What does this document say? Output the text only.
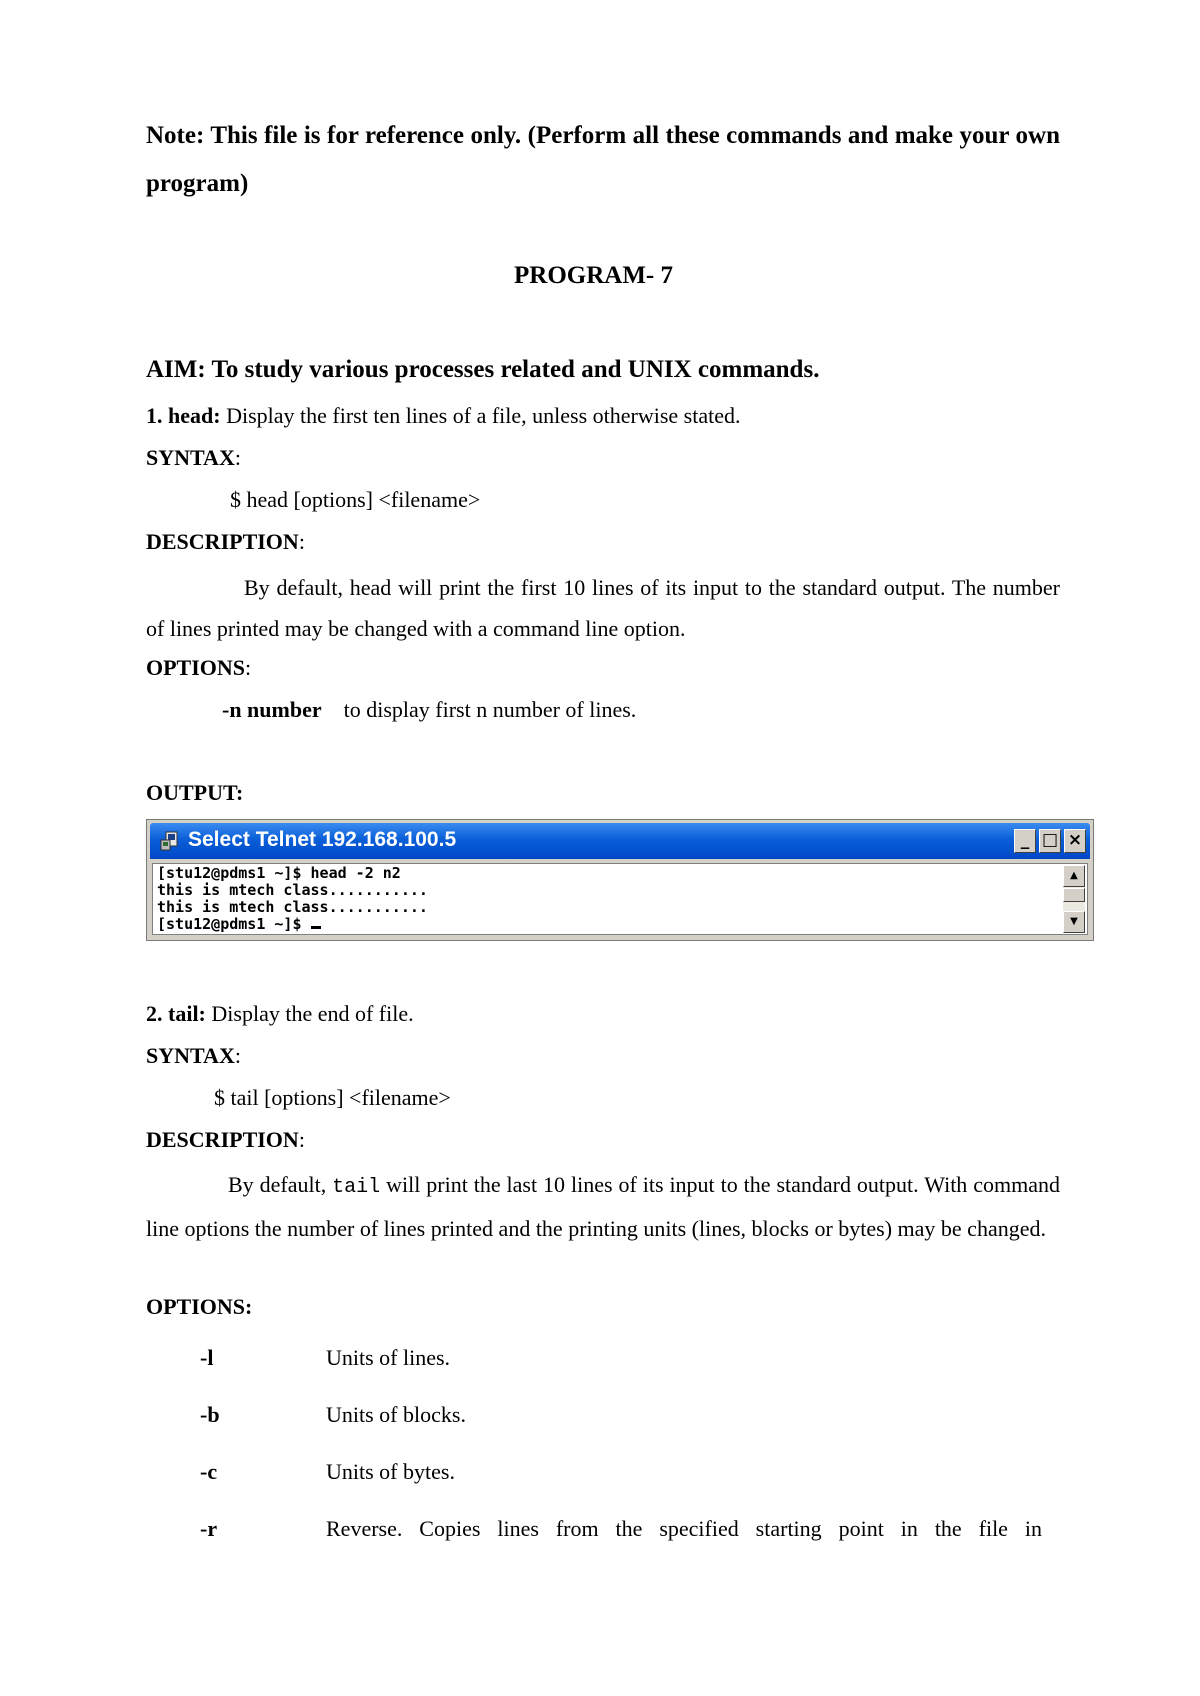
Note: This file is for reference only. (Perform all these commands and make your own program)
PROGRAM- 7
AIM: To study various processes related and UNIX commands.
1. head: Display the first ten lines of a file, unless otherwise stated.
SYNTAX:
$ head [options] <filename>
DESCRIPTION:
By default, head will print the first 10 lines of its input to the standard output. The number of lines printed may be changed with a command line option.
OPTIONS:
-n number to display first n number of lines.
OUTPUT:
Select Telnet 192.168.100.5	_ □ ×
[stu12@pdms1 ~]$ head -2 n2
this is mtech class...........
this is mtech class...........
[stu12@pdms1 ~]$
▲
▼
2. tail: Display the end of file.
SYNTAX:
$ tail [options] <filename>
DESCRIPTION:
By default, tail will print the last 10 lines of its input to the standard output. With command line options the number of lines printed and the printing units (lines, blocks or bytes) may be changed.
OPTIONS:
-l	Units of lines.
-b	Units of blocks.
-c	Units of bytes.
-r	Reverse. Copies lines from the specified starting point in the file in
